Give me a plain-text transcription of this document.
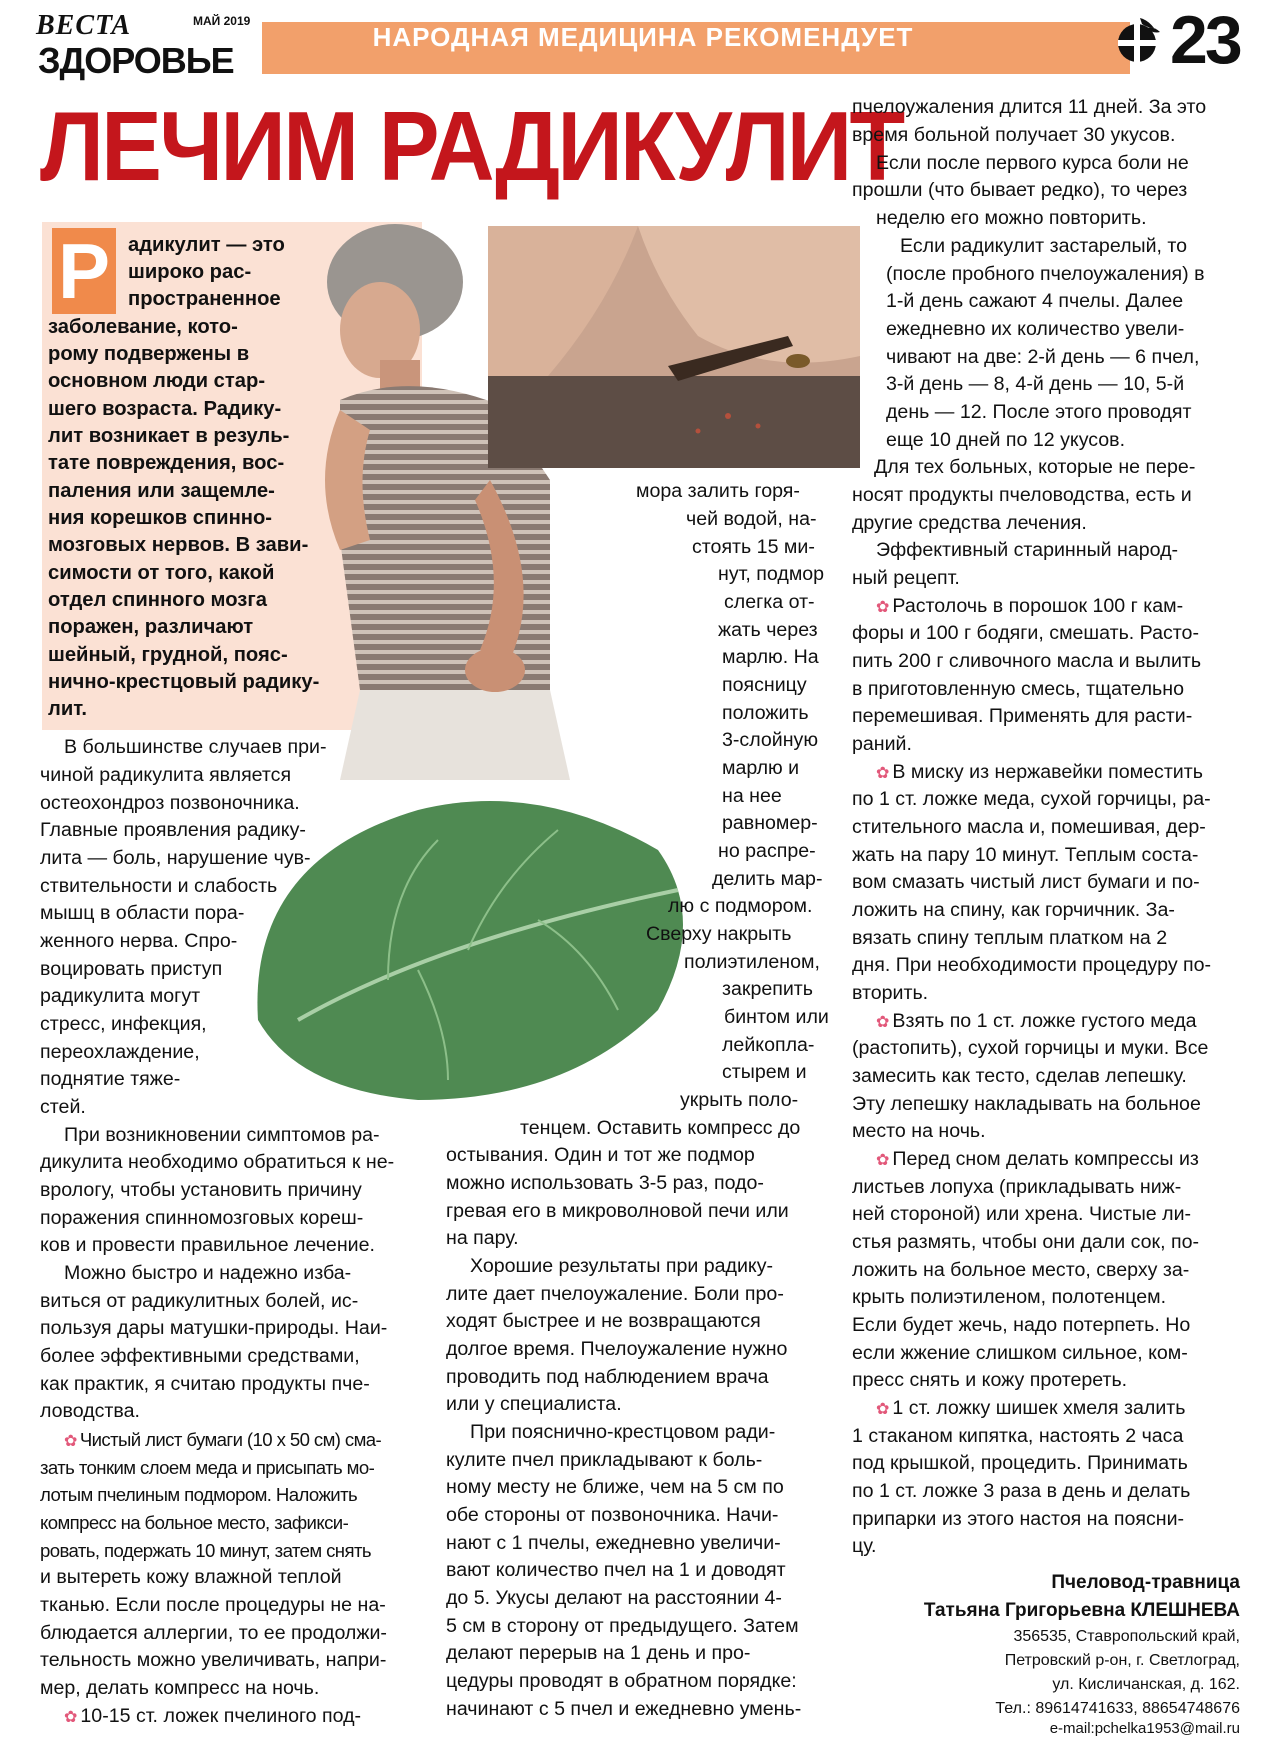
ВЕСТА
ЗДОРОВЬЕ
МАЙ 2019
НАРОДНАЯ МЕДИЦИНА РЕКОМЕНДУЕТ	23
ЛЕЧИМ РАДИКУЛИТ
Р адикулит — это
широко рас-
пространенное
заболевание, кото-
рому подвержены в
основном люди стар-
шего возраста. Радику-
лит возникает в резуль-
тате повреждения, вос-
паления или защемле-
ния корешков спинно-
мозговых нервов. В зави-
симости от того, какой
отдел спинного мозга
поражен, различают
шейный, грудной, пояс-
нично-крестцовый радику-
лит.
В большинстве случаев при-
чиной радикулита является
остеохондроз позвоночника.
Главные проявления радику-
лита — боль, нарушение чув-
ствительности и слабость
мышц в области пора-
женного нерва. Спро-
воцировать приступ
радикулита могут
стресс, инфекция,
переохлаждение,
поднятие тяже-
стей.
При возникновении симптомов ра-
дикулита необходимо обратиться к не-
врологу, чтобы установить причину
поражения спинномозговых кореш-
ков и провести правильное лечение.
Можно быстро и надежно изба-
виться от радикулитных болей, ис-
пользуя дары матушки-природы. Наи-
более эффективными средствами,
как практик, я считаю продукты пче-
ловодства.
✿ Чистый лист бумаги (10 х 50 см) сма-
зать тонким слоем меда и присыпать мо-
лотым пчелиным подмором. Наложить
компресс на больное место, зафикси-
ровать, подержать 10 минут, затем снять
и вытереть кожу влажной теплой
тканью. Если после процедуры не на-
блюдается аллергии, то ее продолжи-
тельность можно увеличивать, напри-
мер, делать компресс на ночь.
✿ 10-15 ст. ложек пчелиного под-
мора залить горя-
чей водой, на-
стоять 15 ми-
нут, подмор
слегка от-
жать через
марлю. На
поясницу
положить
3-слойную
марлю и
на нее
равномер-
но распре-
делить мар-
лю с подмором.
Сверху накрыть
полиэтиленом,
закрепить
бинтом или
лейкопла-
стырем и
укрыть поло-
тенцем. Оставить компресс до
остывания. Один и тот же подмор
можно использовать 3-5 раз, подо-
гревая его в микроволновой печи или
на пару.
Хорошие результаты при радику-
лите дает пчелоужаление. Боли про-
ходят быстрее и не возвращаются
долгое время. Пчелоужаление нужно
проводить под наблюдением врача
или у специалиста.
При пояснично-крестцовом ради-
кулите пчел прикладывают к боль-
ному месту не ближе, чем на 5 см по
обе стороны от позвоночника. Начи-
нают с 1 пчелы, ежедневно увеличи-
вают количество пчел на 1 и доводят
до 5. Укусы делают на расстоянии 4-
5 см в сторону от предыдущего. Затем
делают перерыв на 1 день и про-
цедуры проводят в обратном порядке:
начинают с 5 пчел и ежедневно умень-
пчелоужаления длится 11 дней. За это
время больной получает 30 укусов.
Если после первого курса боли не
прошли (что бывает редко), то через
неделю его можно повторить.
Если радикулит застарелый, то
(после пробного пчелоужаления) в
1-й день сажают 4 пчелы. Далее
ежедневно их количество увели-
чивают на две: 2-й день — 6 пчел,
3-й день — 8, 4-й день — 10, 5-й
день — 12. После этого проводят
еще 10 дней по 12 укусов.
Для тех больных, которые не пере-
носят продукты пчеловодства, есть и
другие средства лечения.
Эффективный старинный народ-
ный рецепт.
✿ Растолочь в порошок 100 г кам-
форы и 100 г бодяги, смешать. Расто-
пить 200 г сливочного масла и вылить
в приготовленную смесь, тщательно
перемешивая. Применять для расти-
раний.
✿ В миску из нержавейки поместить
по 1 ст. ложке меда, сухой горчицы, ра-
стительного масла и, помешивая, дер-
жать на пару 10 минут. Теплым соста-
вом смазать чистый лист бумаги и по-
ложить на спину, как горчичник. За-
вязать спину теплым платком на 2
дня. При необходимости процедуру по-
вторить.
✿ Взять по 1 ст. ложке густого меда
(растопить), сухой горчицы и муки. Все
замесить как тесто, сделав лепешку.
Эту лепешку накладывать на больное
место на ночь.
✿ Перед сном делать компрессы из
листьев лопуха (прикладывать ниж-
ней стороной) или хрена. Чистые ли-
стья размять, чтобы они дали сок, по-
ложить на больное место, сверху за-
крыть полиэтиленом, полотенцем.
Если будет жечь, надо потерпеть. Но
если жжение слишком сильное, ком-
пресс снять и кожу протереть.
✿ 1 ст. ложку шишек хмеля залить
1 стаканом кипятка, настоять 2 часа
под крышкой, процедить. Принимать
по 1 ст. ложке 3 раза в день и делать
припарки из этого настоя на поясни-
цу.
Пчеловод-травница
Татьяна Григорьевна КЛЕШНЕВА
356535, Ставропольский край,
Петровский р-он, г. Светлоград,
ул. Кисличанская, д. 162.
Тел.: 89614741633, 88654748676
e-mail:pchelka1953@mail.ru
